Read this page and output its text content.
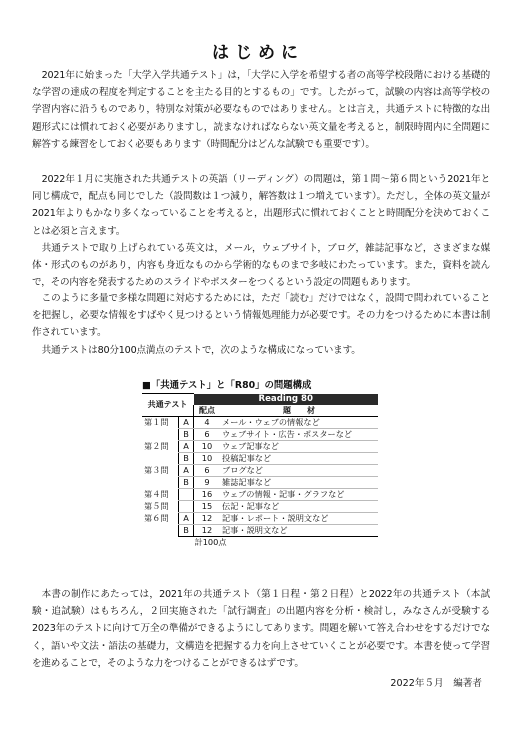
はじめに

2021年に始まった「大学入学共通テスト」は，「大学に入学を希望する者の高等学校段階における基礎的な学習の達成の程度を判定することを主たる目的とするもの」です。したがって，試験の内容は高等学校の学習内容に沿うものであり，特別な対策が必要なものではありません。とは言え，共通テストに特徴的な出題形式には慣れておく必要がありますし，読まなければならない英文量を考えると，制限時間内に全問題に解答する練習をしておく必要もあります（時間配分はどんな試験でも重要です）。

2022年１月に実施された共通テストの英語（リーディング）の問題は，第１問～第６問という2021年と同じ構成で，配点も同じでした（設問数は１つ減り，解答数は１つ増えています）。ただし，全体の英文量が2021年よりもかなり多くなっていることを考えると，出題形式に慣れておくことと時間配分を決めておくことは必須と言えます。

共通テストで取り上げられている英文は，メール，ウェブサイト，ブログ，雑誌記事など，さまざまな媒体・形式のものがあり，内容も身近なものから学術的なものまで多岐にわたっています。また，資料を読んで，その内容を発表するためのスライドやポスターをつくるという設定の問題もあります。

このように多量で多様な問題に対応するためには，ただ「読む」だけではなく，設問で問われていることを把握し，必要な情報をすばやく見つけるという情報処理能力が必要です。その力をつけるために本書は制作されています。

共通テストは80分100点満点のテストで，次のような構成になっています。

■「共通テスト」と「R80」の問題構成
共通テスト		Reading 80	
		配点	題　　材
第１問	A	4	メール・ウェブの情報など
	B	6	ウェブサイト・広告・ポスターなど
第２問	A	10	ウェブ記事など
	B	10	投稿記事など
第３問	A	6	ブログなど
	B	9	雑誌記事など
第４問		16	ウェブの情報・記事・グラフなど
第５問		15	伝記・記事など
第６問	A	12	記事・レポート・説明文など
	B	12	記事・説明文など
		計100点	

本書の制作にあたっては，2021年の共通テスト（第１日程・第２日程）と2022年の共通テスト（本試験・追試験）はもちろん，２回実施された「試行調査」の出題内容を分析・検討し，みなさんが受験する2023年のテストに向けて万全の準備ができるようにしてあります。問題を解いて答え合わせをするだけでなく，語いや文法・語法の基礎力，文構造を把握する力を向上させていくことが必要です。本書を使って学習を進めることで，そのような力をつけることができるはずです。

2022年５月　編著者
